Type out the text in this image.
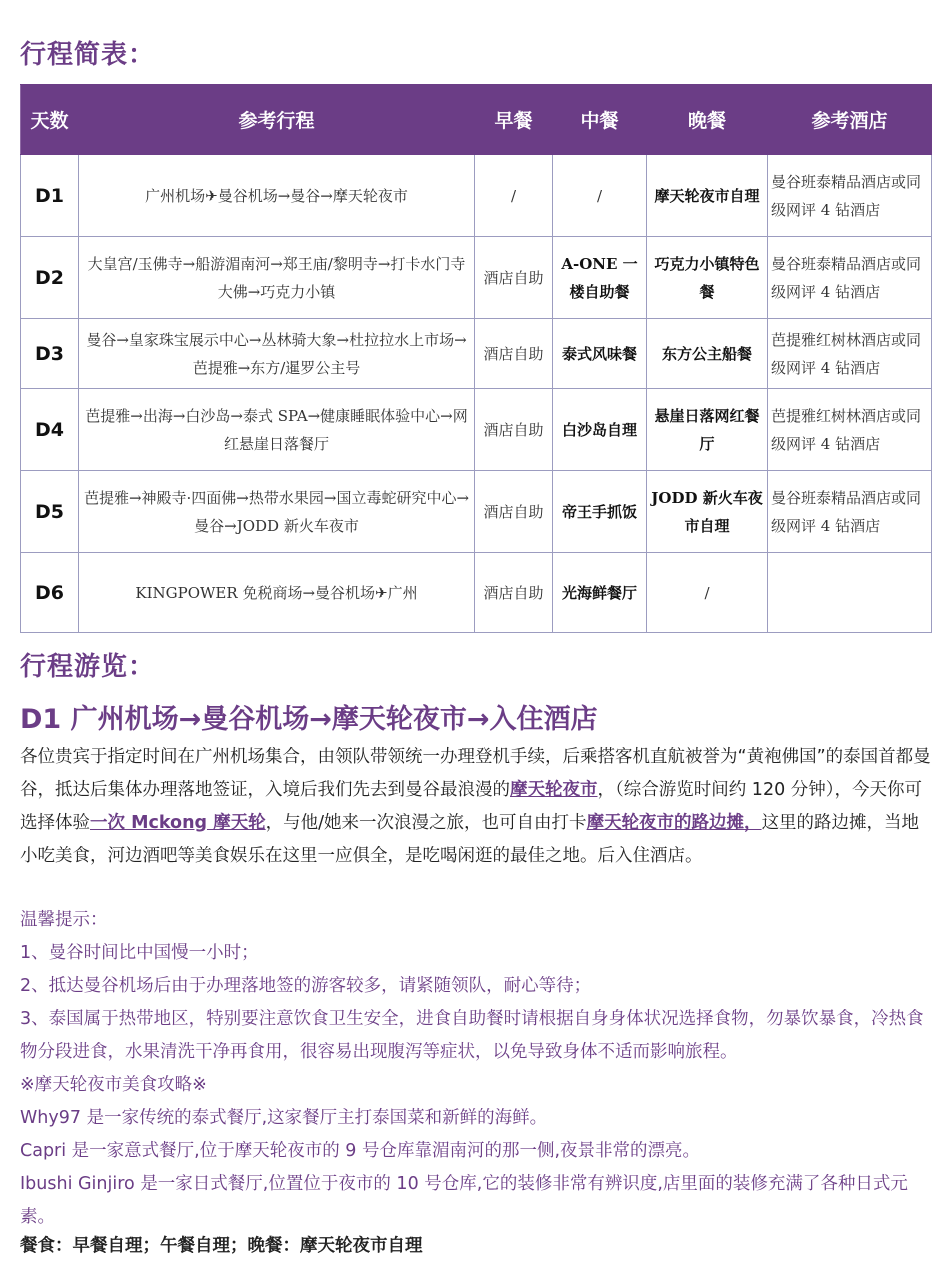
行程简表：
天数	参考行程	早餐	中餐	晚餐	参考酒店
D1	广州机场✈曼谷机场→曼谷→摩天轮夜市	/	/	摩天轮夜市自理	曼谷班泰精品酒店或同级网评 4 钻酒店
D2	大皇宫/玉佛寺→船游湄南河→郑王庙/黎明寺→打卡水门寺大佛→巧克力小镇	酒店自助	A-ONE 一楼自助餐	巧克力小镇特色餐	曼谷班泰精品酒店或同级网评 4 钻酒店
D3	曼谷→皇家珠宝展示中心→丛林骑大象→杜拉拉水上市场→芭提雅→东方/暹罗公主号	酒店自助	泰式风味餐	东方公主船餐	芭提雅红树林酒店或同级网评 4 钻酒店
D4	芭提雅→出海→白沙岛→泰式 SPA→健康睡眠体验中心→网红悬崖日落餐厅	酒店自助	白沙岛自理	悬崖日落网红餐厅	芭提雅红树林酒店或同级网评 4 钻酒店
D5	芭提雅→神殿寺·四面佛→热带水果园→国立毒蛇研究中心→曼谷→JODD 新火车夜市	酒店自助	帝王手抓饭	JODD 新火车夜市自理	曼谷班泰精品酒店或同级网评 4 钻酒店
D6	KINGPOWER 免税商场→曼谷机场✈广州	酒店自助	光海鲜餐厅	/	
行程游览：
D1 广州机场→曼谷机场→摩天轮夜市→入住酒店
各位贵宾于指定时间在广州机场集合，由领队带领统一办理登机手续，后乘搭客机直航被誉为“黄袍佛国”的泰国首都曼谷，抵达后集体办理落地签证，入境后我们先去到曼谷最浪漫的摩天轮夜市，（综合游览时间约 120 分钟），今天你可选择体验一次 Mckong 摩天轮，与他/她来一次浪漫之旅，也可自由打卡摩天轮夜市的路边摊，这里的路边摊，当地小吃美食，河边酒吧等美食娱乐在这里一应俱全，是吃喝闲逛的最佳之地。后入住酒店。
温馨提示：
1、曼谷时间比中国慢一小时；
2、抵达曼谷机场后由于办理落地签的游客较多，请紧随领队，耐心等待；
3、泰国属于热带地区，特别要注意饮食卫生安全，进食自助餐时请根据自身身体状况选择食物，勿暴饮暴食，冷热食物分段进食，水果清洗干净再食用，很容易出现腹泻等症状，以免导致身体不适而影响旅程。
※摩天轮夜市美食攻略※
Why97 是一家传统的泰式餐厅,这家餐厅主打泰国菜和新鲜的海鲜。
Capri 是一家意式餐厅,位于摩天轮夜市的 9 号仓库靠湄南河的那一侧,夜景非常的漂亮。
Ibushi Ginjiro 是一家日式餐厅,位置位于夜市的 10 号仓库,它的装修非常有辨识度,店里面的装修充满了各种日式元素。
餐食：早餐自理；午餐自理；晚餐：摩天轮夜市自理
